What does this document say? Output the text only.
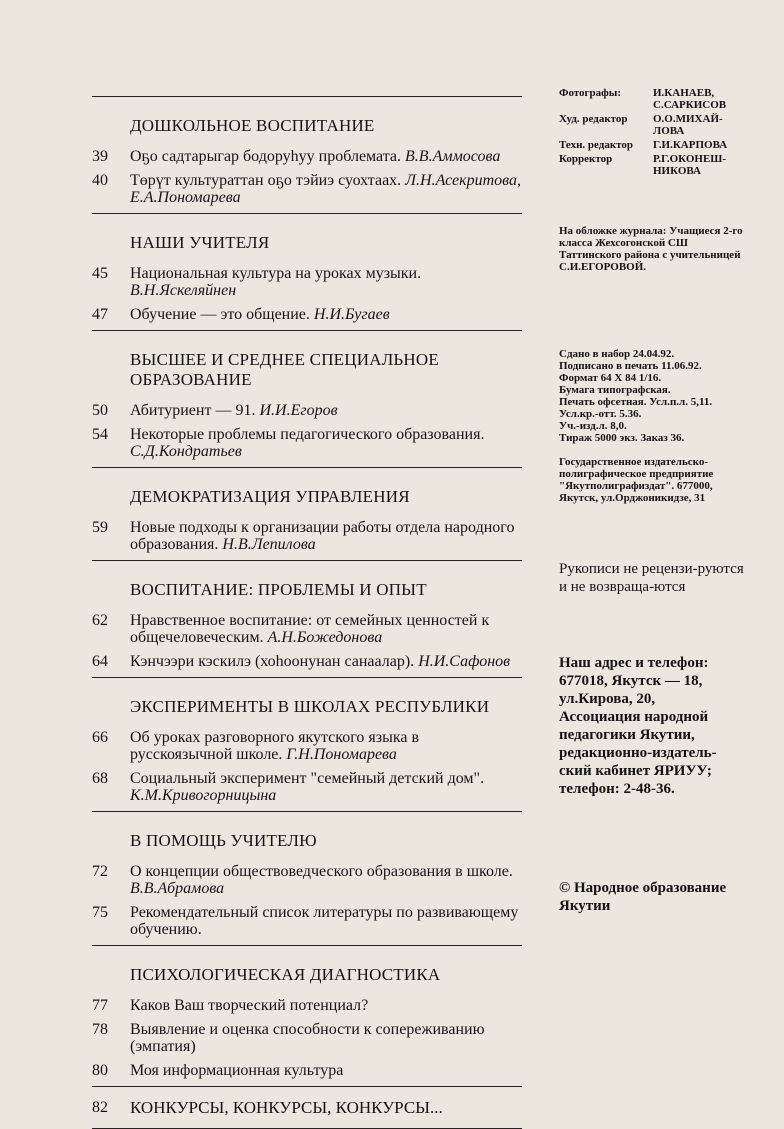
ДОШКОЛЬНОЕ ВОСПИТАНИЕ
39	Оҕо садтарыгар бодоруһуу проблемата. В.В.Аммосова
40	Төрүт культураттан оҕо тэйиэ суохтаах. Л.Н.Асекритова, Е.А.Пономарева
НАШИ УЧИТЕЛЯ
45	Национальная культура на уроках музыки. В.Н.Яскеляйнен
47	Обучение — это общение. Н.И.Бугаев
ВЫСШЕЕ И СРЕДНЕЕ СПЕЦИАЛЬНОЕ ОБРАЗОВАНИЕ
50	Абитуриент — 91. И.И.Егоров
54	Некоторые проблемы педагогического образования. С.Д.Кондратьев
ДЕМОКРАТИЗАЦИЯ УПРАВЛЕНИЯ
59	Новые подходы к организации работы отдела народного образования. Н.В.Лепилова
ВОСПИТАНИЕ: ПРОБЛЕМЫ И ОПЫТ
62	Нравственное воспитание: от семейных ценностей к общечеловеческим. А.Н.Божедонова
64	Кэнчээри кэскилэ (хоһоонунан санаалар). Н.И.Сафонов
ЭКСПЕРИМЕНТЫ В ШКОЛАХ РЕСПУБЛИКИ
66	Об уроках разговорного якутского языка в русскоязычной школе. Г.Н.Пономарева
68	Социальный эксперимент "семейный детский дом". К.М.Кривогорницына
В ПОМОЩЬ УЧИТЕЛЮ
72	О концепции обществоведческого образования в школе. В.В.Абрамова
75	Рекомендательный список литературы по развивающему обучению.
ПСИХОЛОГИЧЕСКАЯ ДИАГНОСТИКА
77	Каков Ваш творческий потенциал?
78	Выявление и оценка способности к сопереживанию (эмпатия)
80	Моя информационная культура
82	КОНКУРСЫ, КОНКУРСЫ, КОНКУРСЫ...
Фотографы:	И.КАНАЕВ, С.САРКИСОВ
Худ. редактор	О.О.МИХАЙ-ЛОВА
Техн. редактор	Г.И.КАРПОВА
Корректор	Р.Г.ОКОНЕШ-НИКОВА
На обложке журнала: Учащиеся 2-го класса Жехсогонской СШ Таттинского района с учительницей С.И.ЕГОРОВОЙ.
Сдано в набор 24.04.92.
Подписано в печать 11.06.92.
Формат 64 Х 84 1/16.
Бумага типографская.
Печать офсетная. Усл.п.л. 5,11.
Усл.кр.-отт. 5.36.
Уч.-изд.л. 8,0.
Тираж 5000 экз. Заказ 36.
Государственное издательско-полиграфическое предприятие "Якутполиграфиздат". 677000, Якутск, ул.Орджоникидзе, 31
Рукописи не рецензи-руются и не возвраща-ются
Наш адрес и телефон:
677018, Якутск — 18,
ул.Кирова, 20,
Ассоциация народной
педагогики Якутии,
редакционно-издатель-
ский кабинет ЯРИУУ;
телефон: 2-48-36.
© Народное образование Якутии
